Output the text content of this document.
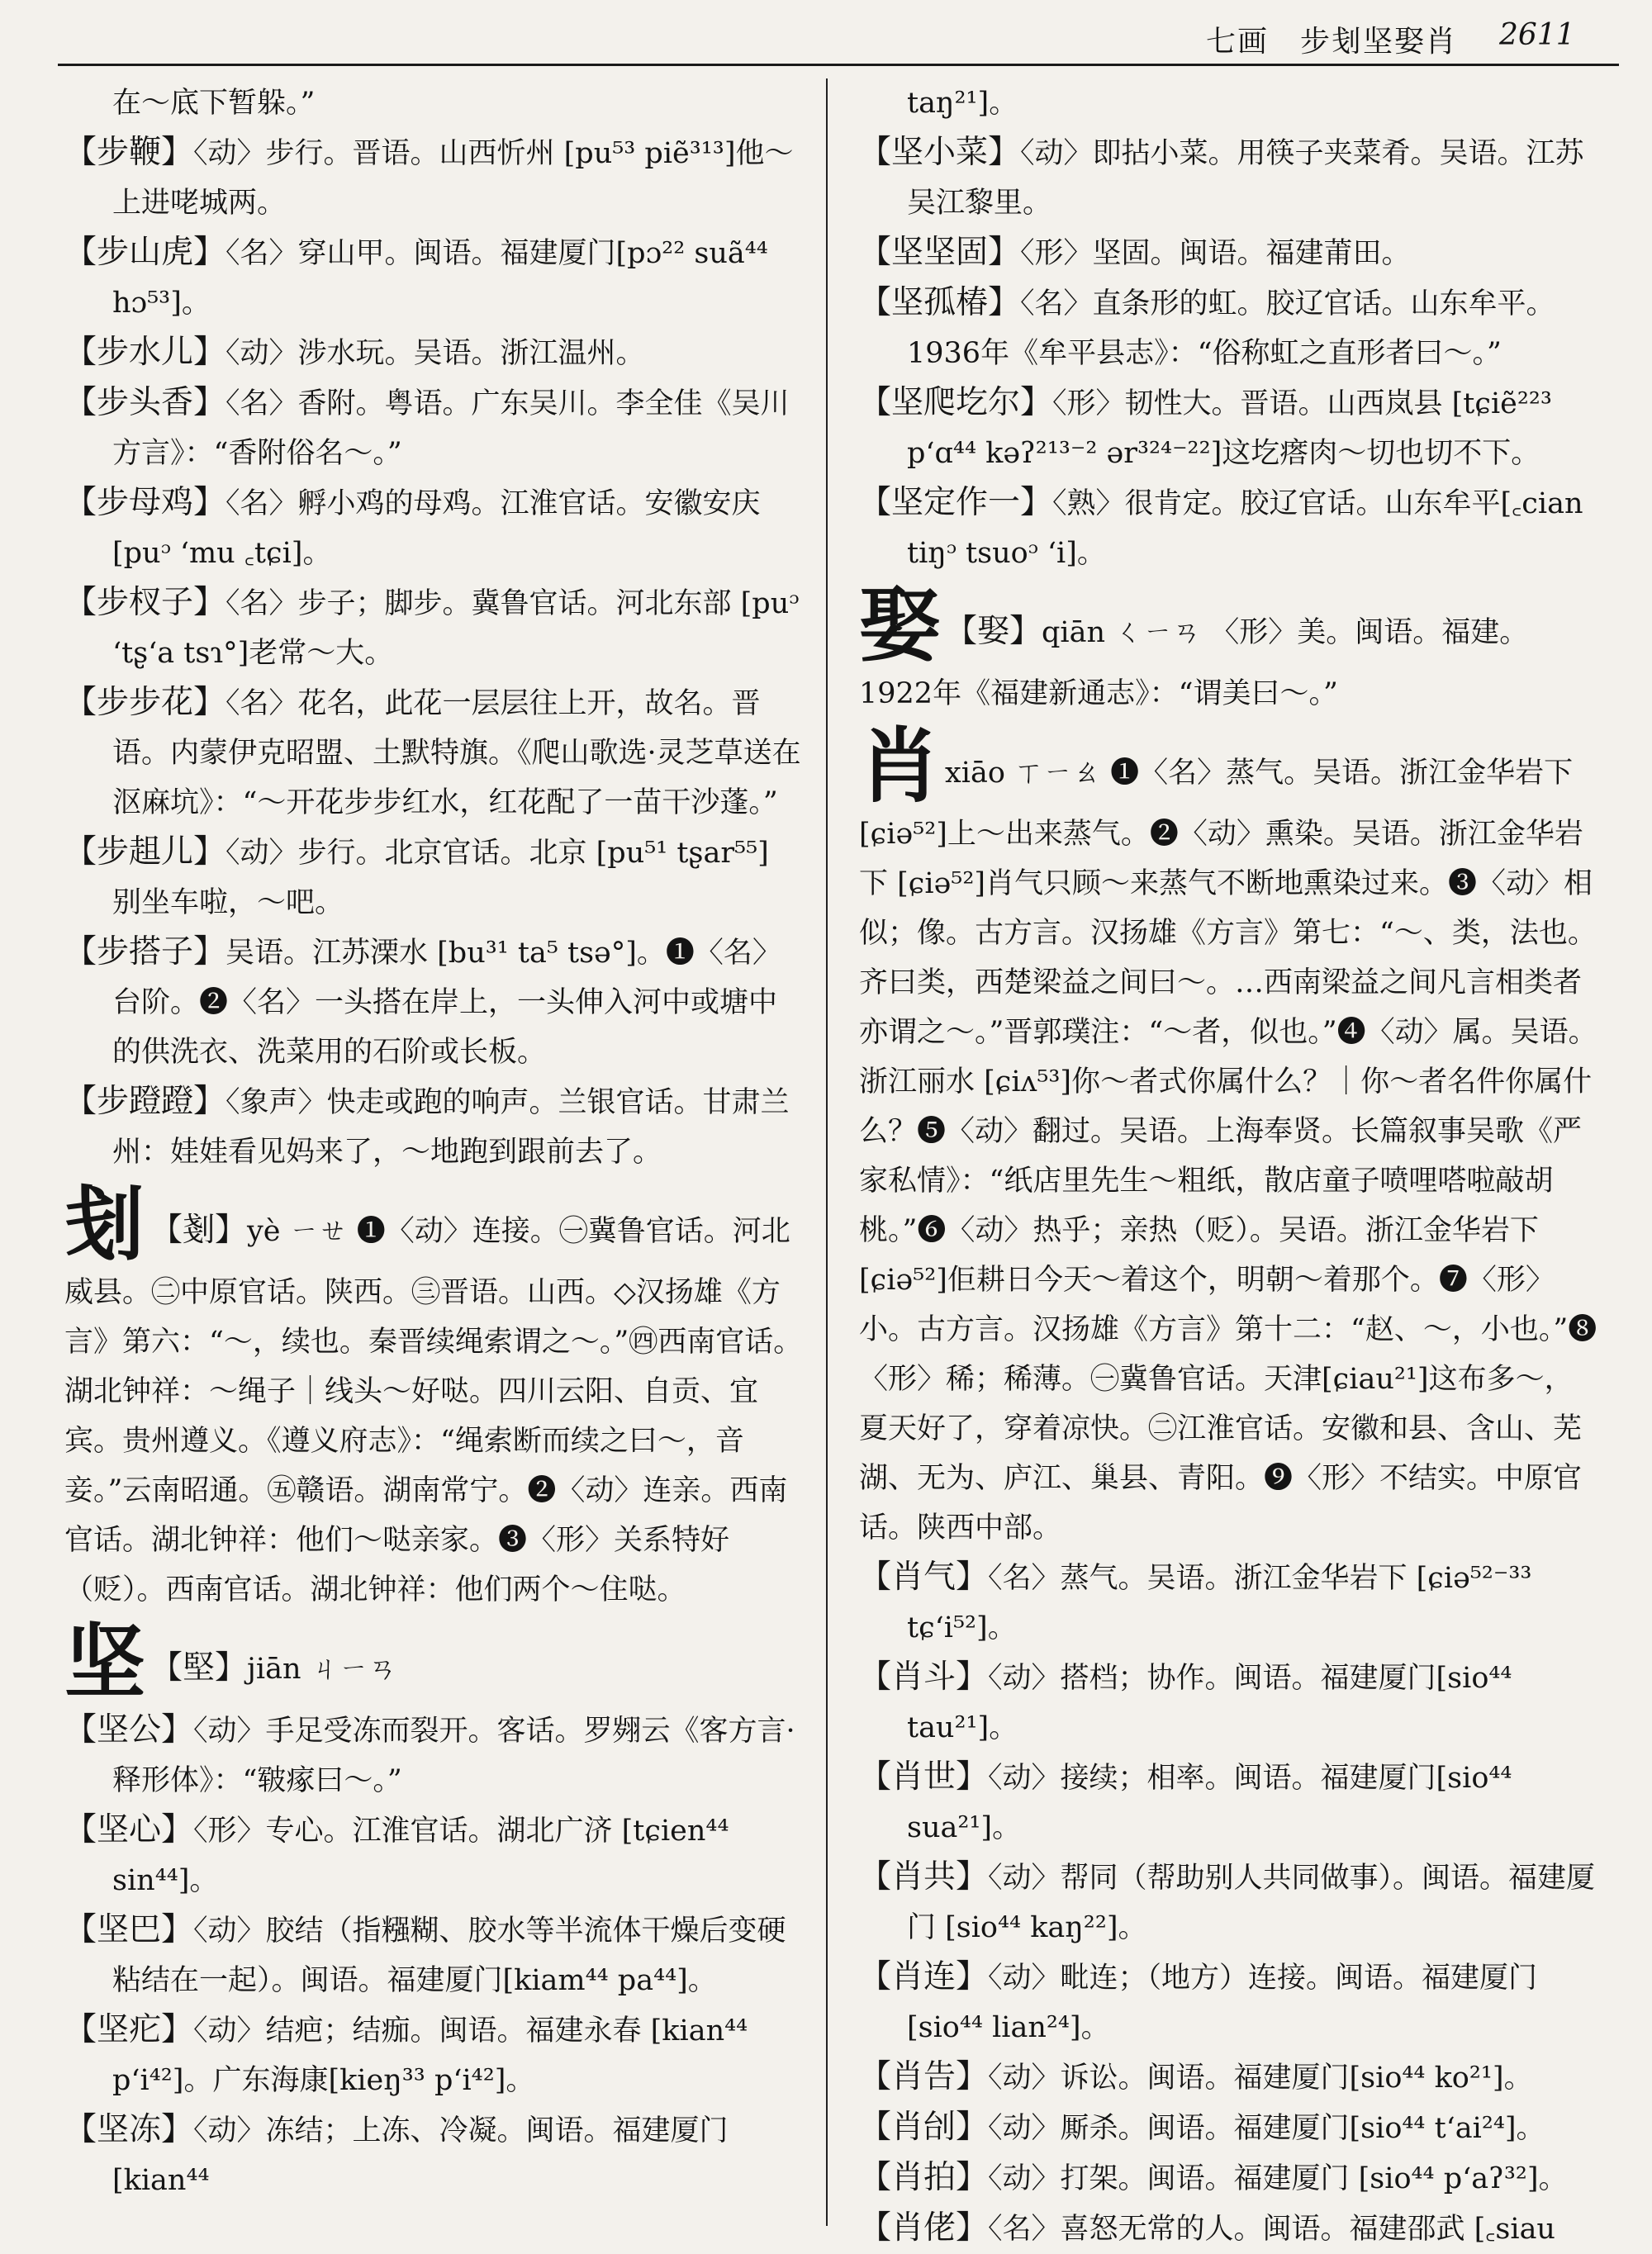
七画　步刬坚娶肖 2611

在～底下暂躲。”

【步鞭】〈动〉步行。晋语。山西忻州 [pu⁵³ piẽ³¹³]他～上进咾城两。

【步山虎】〈名〉穿山甲。闽语。福建厦门[pɔ²² suã⁴⁴ hɔ⁵³]。

【步水儿】〈动〉涉水玩。吴语。浙江温州。

【步头香】〈名〉香附。粤语。广东吴川。李全佳《吴川方言》：“香附俗名～。”

【步母鸡】〈名〉孵小鸡的母鸡。江淮官话。安徽安庆 [puᵓ ʻmu ꜀tɕi]。

【步杈子】〈名〉步子；脚步。冀鲁官话。河北东部 [puᵓ ʻtʂʻa tsɿ°]老常～大。

【步步花】〈名〉花名，此花一层层往上开，故名。晋语。内蒙伊克昭盟、土默特旗。《爬山歌选·灵芝草送在沤麻坑》：“～开花步步红水，红花配了一苗干沙蓬。”

【步趄儿】〈动〉步行。北京官话。北京 [pu⁵¹ tʂar⁵⁵] 别坐车啦，～吧。

【步搭子】吴语。江苏溧水 [bu³¹ ta⁵ tsə°]。❶〈名〉台阶。❷〈名〉一头搭在岸上，一头伸入河中或塘中的供洗衣、洗菜用的石阶或长板。

【步蹬蹬】〈象声〉快走或跑的响声。兰银官话。甘肃兰州：娃娃看见妈来了，～地跑到跟前去了。

刬 【剗】yè ㄧㄝ ❶〈动〉连接。㊀冀鲁官话。河北威县。㊁中原官话。陕西。㊂晋语。山西。◇汉扬雄《方言》第六：“～，续也。秦晋续绳索谓之～。”㊃西南官话。湖北钟祥：～绳子｜线头～好哒。四川云阳、自贡、宜宾。贵州遵义。《遵义府志》：“绳索断而续之曰～，音妾。”云南昭通。㊄赣语。湖南常宁。❷〈动〉连亲。西南官话。湖北钟祥：他们～哒亲家。❸〈形〉关系特好（贬）。西南官话。湖北钟祥：他们两个～住哒。

坚 【堅】jiān ㄐㄧㄢ

【坚公】〈动〉手足受冻而裂开。客话。罗翙云《客方言·释形体》：“皲瘃曰～。”

【坚心】〈形〉专心。江淮官话。湖北广济 [tɕien⁴⁴ sin⁴⁴]。

【坚巴】〈动〉胶结（指糨糊、胶水等半流体干燥后变硬粘结在一起）。闽语。福建厦门[kiam⁴⁴ pa⁴⁴]。

【坚疕】〈动〉结疤；结痂。闽语。福建永春 [kian⁴⁴ pʻi⁴²]。广东海康[kieŋ³³ pʻi⁴²]。

【坚冻】〈动〉冻结；上冻、冷凝。闽语。福建厦门[kian⁴⁴

taŋ²¹]。

【坚小菜】〈动〉即拈小菜。用筷子夹菜肴。吴语。江苏吴江黎里。

【坚坚固】〈形〉坚固。闽语。福建莆田。

【坚孤椿】〈名〉直条形的虹。胶辽官话。山东牟平。1936年《牟平县志》：“俗称虹之直形者曰～。”

【坚爬圪尔】〈形〉韧性大。晋语。山西岚县 [tɕiẽ²²³ pʻɑ⁴⁴ kəʔ²¹³⁻² ər³²⁴⁻²²]这圪瘩肉～切也切不下。

【坚定作一】〈熟〉很肯定。胶辽官话。山东牟平[꜀cian tiŋᵓ tsuoᵓ ʻi]。

娶 【娶】qiān ㄑㄧㄢ 〈形〉美。闽语。福建。1922年《福建新通志》：“谓美曰～。”

肖xiāo ㄒㄧㄠ ❶〈名〉蒸气。吴语。浙江金华岩下 [ɕiə⁵²]上～出来蒸气。❷〈动〉熏染。吴语。浙江金华岩下 [ɕiə⁵²]肖气只顾～来蒸气不断地熏染过来。❸〈动〉相似；像。古方言。汉扬雄《方言》第七：“～、类，法也。齐曰类，西楚梁益之间曰～。…西南梁益之间凡言相类者亦谓之～。”晋郭璞注：“～者，似也。”❹〈动〉属。吴语。浙江丽水 [ɕiʌ⁵³]你～者式你属什么？｜你～者名件你属什么？❺〈动〉翻过。吴语。上海奉贤。长篇叙事吴歌《严家私情》：“纸店里先生～粗纸，散店童子喷哩嗒啦敲胡桃。”❻〈动〉热乎；亲热（贬）。吴语。浙江金华岩下 [ɕiə⁵²]佢耕日今天～着这个，明朝～着那个。❼〈形〉小。古方言。汉扬雄《方言》第十二：“赵、～，小也。”❽〈形〉稀；稀薄。㊀冀鲁官话。天津[ɕiau²¹]这布多～，夏天好了，穿着凉快。㊁江淮官话。安徽和县、含山、芜湖、无为、庐江、巢县、青阳。❾〈形〉不结实。中原官话。陕西中部。

【肖气】〈名〉蒸气。吴语。浙江金华岩下 [ɕiə⁵²⁻³³ tɕʻi⁵²]。

【肖斗】〈动〉搭档；协作。闽语。福建厦门[sio⁴⁴ tau²¹]。

【肖世】〈动〉接续；相率。闽语。福建厦门[sio⁴⁴ sua²¹]。

【肖共】〈动〉帮同（帮助别人共同做事）。闽语。福建厦门 [sio⁴⁴ kaŋ²²]。

【肖连】〈动〉毗连；（地方）连接。闽语。福建厦门[sio⁴⁴ lian²⁴]。

【肖告】〈动〉诉讼。闽语。福建厦门[sio⁴⁴ ko²¹]。

【肖刣】〈动〉厮杀。闽语。福建厦门[sio⁴⁴ tʻai²⁴]。

【肖拍】〈动〉打架。闽语。福建厦门 [sio⁴⁴ pʻaʔ³²]。

【肖佬】〈名〉喜怒无常的人。闽语。福建邵武 [꜀siau
